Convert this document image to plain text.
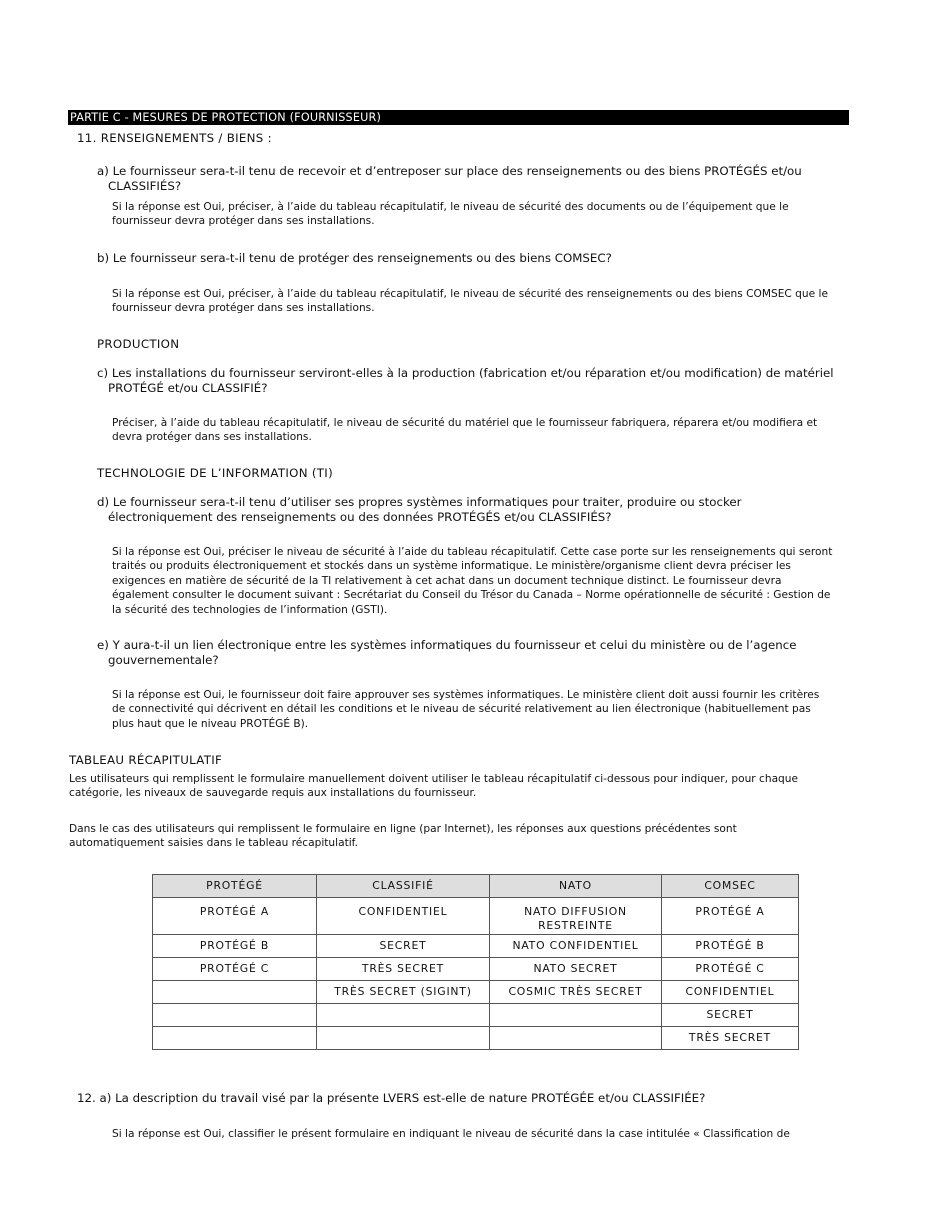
PARTIE C - MESURES DE PROTECTION (FOURNISSEUR)
11. RENSEIGNEMENTS / BIENS :
a) Le fournisseur sera-t-il tenu de recevoir et d’entreposer sur place des renseignements ou des biens PROTÉGÉS et/ou CLASSIFIÉS?
Si la réponse est Oui, préciser, à l’aide du tableau récapitulatif, le niveau de sécurité des documents ou de l’équipement que le fournisseur devra protéger dans ses installations.
b) Le fournisseur sera-t-il tenu de protéger des renseignements ou des biens COMSEC?
Si la réponse est Oui, préciser, à l’aide du tableau récapitulatif, le niveau de sécurité des renseignements ou des biens COMSEC que le fournisseur devra protéger dans ses installations.
PRODUCTION
c) Les installations du fournisseur serviront-elles à la production (fabrication et/ou réparation et/ou modification) de matériel PROTÉGÉ et/ou CLASSIFIÉ?
Préciser, à l’aide du tableau récapitulatif, le niveau de sécurité du matériel que le fournisseur fabriquera, réparera et/ou modifiera et devra protéger dans ses installations.
TECHNOLOGIE DE L’INFORMATION (TI)
d) Le fournisseur sera-t-il tenu d’utiliser ses propres systèmes informatiques pour traiter, produire ou stocker électroniquement des renseignements ou des données PROTÉGÉS et/ou CLASSIFIÉS?
Si la réponse est Oui, préciser le niveau de sécurité à l’aide du tableau récapitulatif. Cette case porte sur les renseignements qui seront traités ou produits électroniquement et stockés dans un système informatique. Le ministère/organisme client devra préciser les exigences en matière de sécurité de la TI relativement à cet achat dans un document technique distinct. Le fournisseur devra également consulter le document suivant : Secrétariat du Conseil du Trésor du Canada – Norme opérationnelle de sécurité : Gestion de la sécurité des technologies de l’information (GSTI).
e) Y aura-t-il un lien électronique entre les systèmes informatiques du fournisseur et celui du ministère ou de l’agence gouvernementale?
Si la réponse est Oui, le fournisseur doit faire approuver ses systèmes informatiques. Le ministère client doit aussi fournir les critères de connectivité qui décrivent en détail les conditions et le niveau de sécurité relativement au lien électronique (habituellement pas plus haut que le niveau PROTÉGÉ B).
TABLEAU RÉCAPITULATIF
Les utilisateurs qui remplissent le formulaire manuellement doivent utiliser le tableau récapitulatif ci-dessous pour indiquer, pour chaque catégorie, les niveaux de sauvegarde requis aux installations du fournisseur.
Dans le cas des utilisateurs qui remplissent le formulaire en ligne (par Internet), les réponses aux questions précédentes sont automatiquement saisies dans le tableau récapitulatif.
PROTÉGÉ	CLASSIFIÉ	NATO	COMSEC
PROTÉGÉ A	CONFIDENTIEL	NATO DIFFUSION RESTREINTE	PROTÉGÉ A
PROTÉGÉ B	SECRET	NATO CONFIDENTIEL	PROTÉGÉ B
PROTÉGÉ C	TRÈS SECRET	NATO SECRET	PROTÉGÉ C
	TRÈS SECRET (SIGINT)	COSMIC TRÈS SECRET	CONFIDENTIEL
			SECRET
			TRÈS SECRET
12. a) La description du travail visé par la présente LVERS est-elle de nature PROTÉGÉE et/ou CLASSIFIÉE?
Si la réponse est Oui, classifier le présent formulaire en indiquant le niveau de sécurité dans la case intitulée « Classification de
